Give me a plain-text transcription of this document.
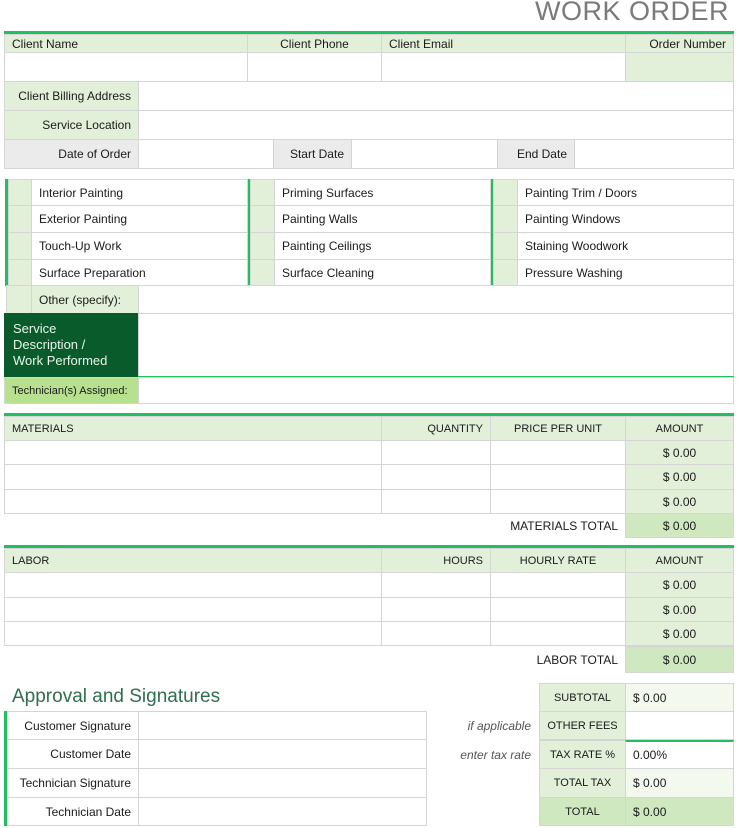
WORK ORDER
Client Name	Client Phone	Client Email	Order Number
Client Billing Address
Service Location
Date of Order	Start Date	End Date
Interior Painting
Exterior Painting
Touch-Up Work
Surface Preparation
Priming Surfaces
Painting Walls
Painting Ceilings
Surface Cleaning
Painting Trim / Doors
Painting Windows
Staining Woodwork
Pressure Washing
Other (specify):
Service
Description /
Work Performed
Technician(s) Assigned:
MATERIALS	QUANTITY	PRICE PER UNIT	AMOUNT
$ 0.00
$ 0.00
$ 0.00
MATERIALS TOTAL	$ 0.00
LABOR	HOURS	HOURLY RATE	AMOUNT
$ 0.00
$ 0.00
$ 0.00
LABOR TOTAL	$ 0.00
Approval and Signatures
Customer Signature
Customer Date
Technician Signature
Technician Date
SUBTOTAL	$ 0.00
if applicable	OTHER FEES
enter tax rate	TAX RATE %	0.00%
TOTAL TAX	$ 0.00
TOTAL	$ 0.00
